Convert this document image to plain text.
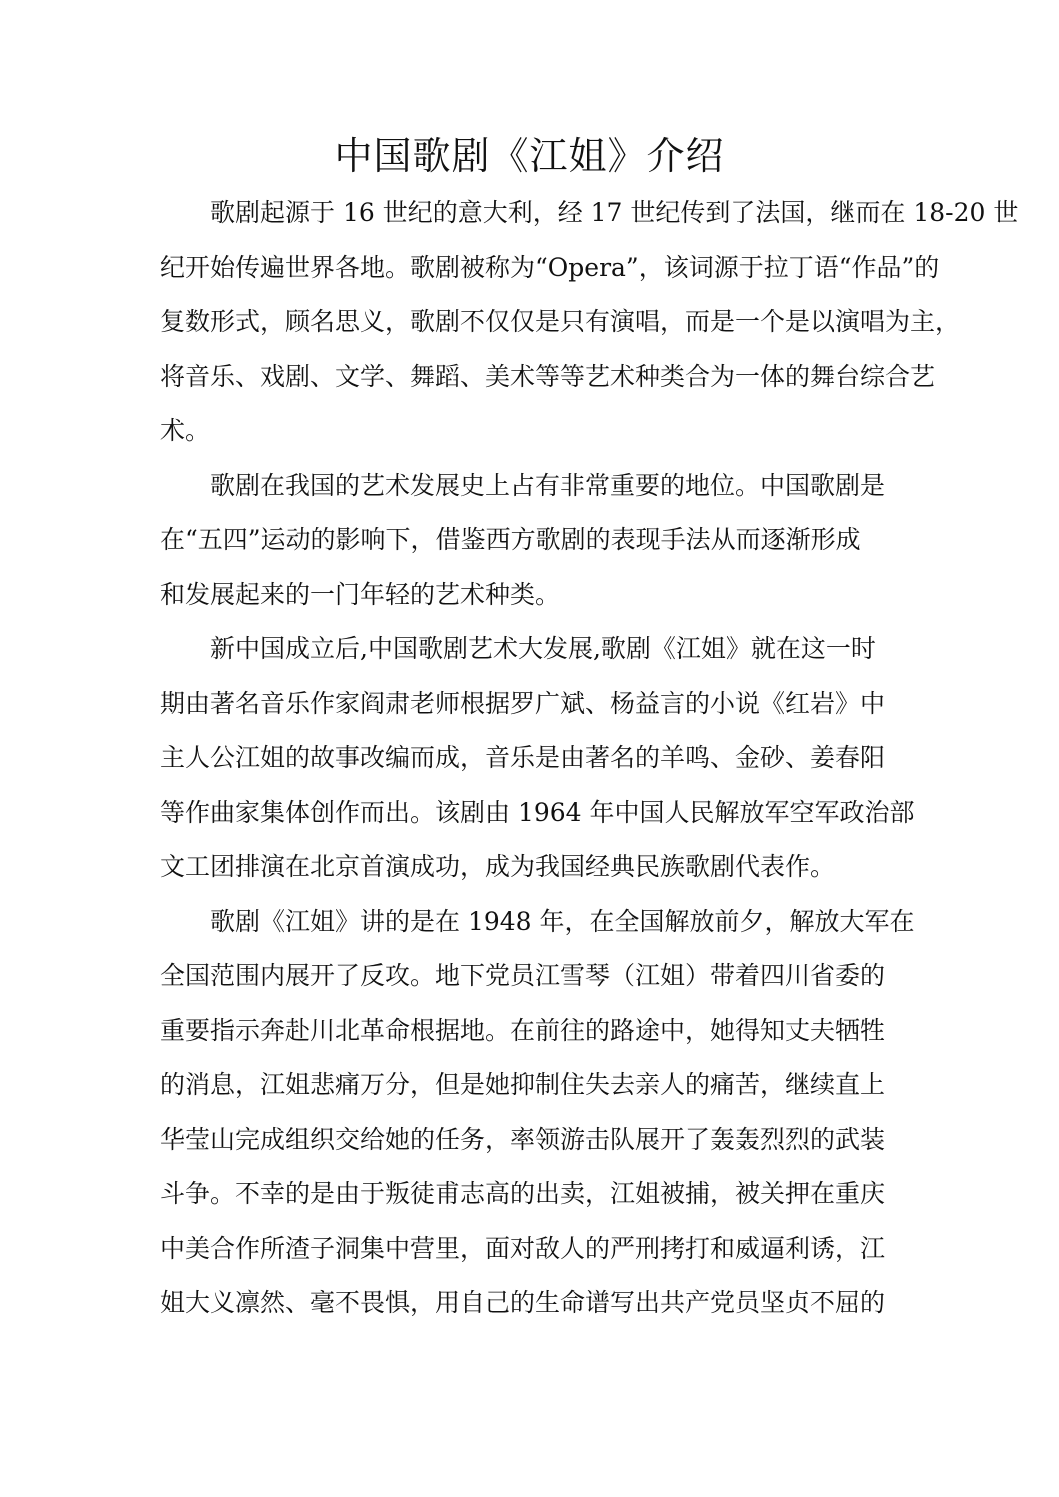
中国歌剧《江姐》介绍

歌剧起源于 16 世纪的意大利，经 17 世纪传到了法国，继而在 18-20 世
纪开始传遍世界各地。歌剧被称为“Opera”，该词源于拉丁语“作品”的
复数形式，顾名思义，歌剧不仅仅是只有演唱，而是一个是以演唱为主，
将音乐、戏剧、文学、舞蹈、美术等等艺术种类合为一体的舞台综合艺
术。

歌剧在我国的艺术发展史上占有非常重要的地位。中国歌剧是
在“五四”运动的影响下，借鉴西方歌剧的表现手法从而逐渐形成
和发展起来的一门年轻的艺术种类。

新中国成立后,中国歌剧艺术大发展,歌剧《江姐》就在这一时
期由著名音乐作家阎肃老师根据罗广斌、杨益言的小说《红岩》中
主人公江姐的故事改编而成，音乐是由著名的羊鸣、金砂、姜春阳
等作曲家集体创作而出。该剧由 1964 年中国人民解放军空军政治部
文工团排演在北京首演成功，成为我国经典民族歌剧代表作。

歌剧《江姐》讲的是在 1948 年，在全国解放前夕，解放大军在
全国范围内展开了反攻。地下党员江雪琴（江姐）带着四川省委的
重要指示奔赴川北革命根据地。在前往的路途中，她得知丈夫牺牲
的消息，江姐悲痛万分，但是她抑制住失去亲人的痛苦，继续直上
华莹山完成组织交给她的任务，率领游击队展开了轰轰烈烈的武装
斗争。不幸的是由于叛徒甫志高的出卖，江姐被捕，被关押在重庆
中美合作所渣子洞集中营里，面对敌人的严刑拷打和威逼利诱，江
姐大义凛然、毫不畏惧，用自己的生命谱写出共产党员坚贞不屈的
